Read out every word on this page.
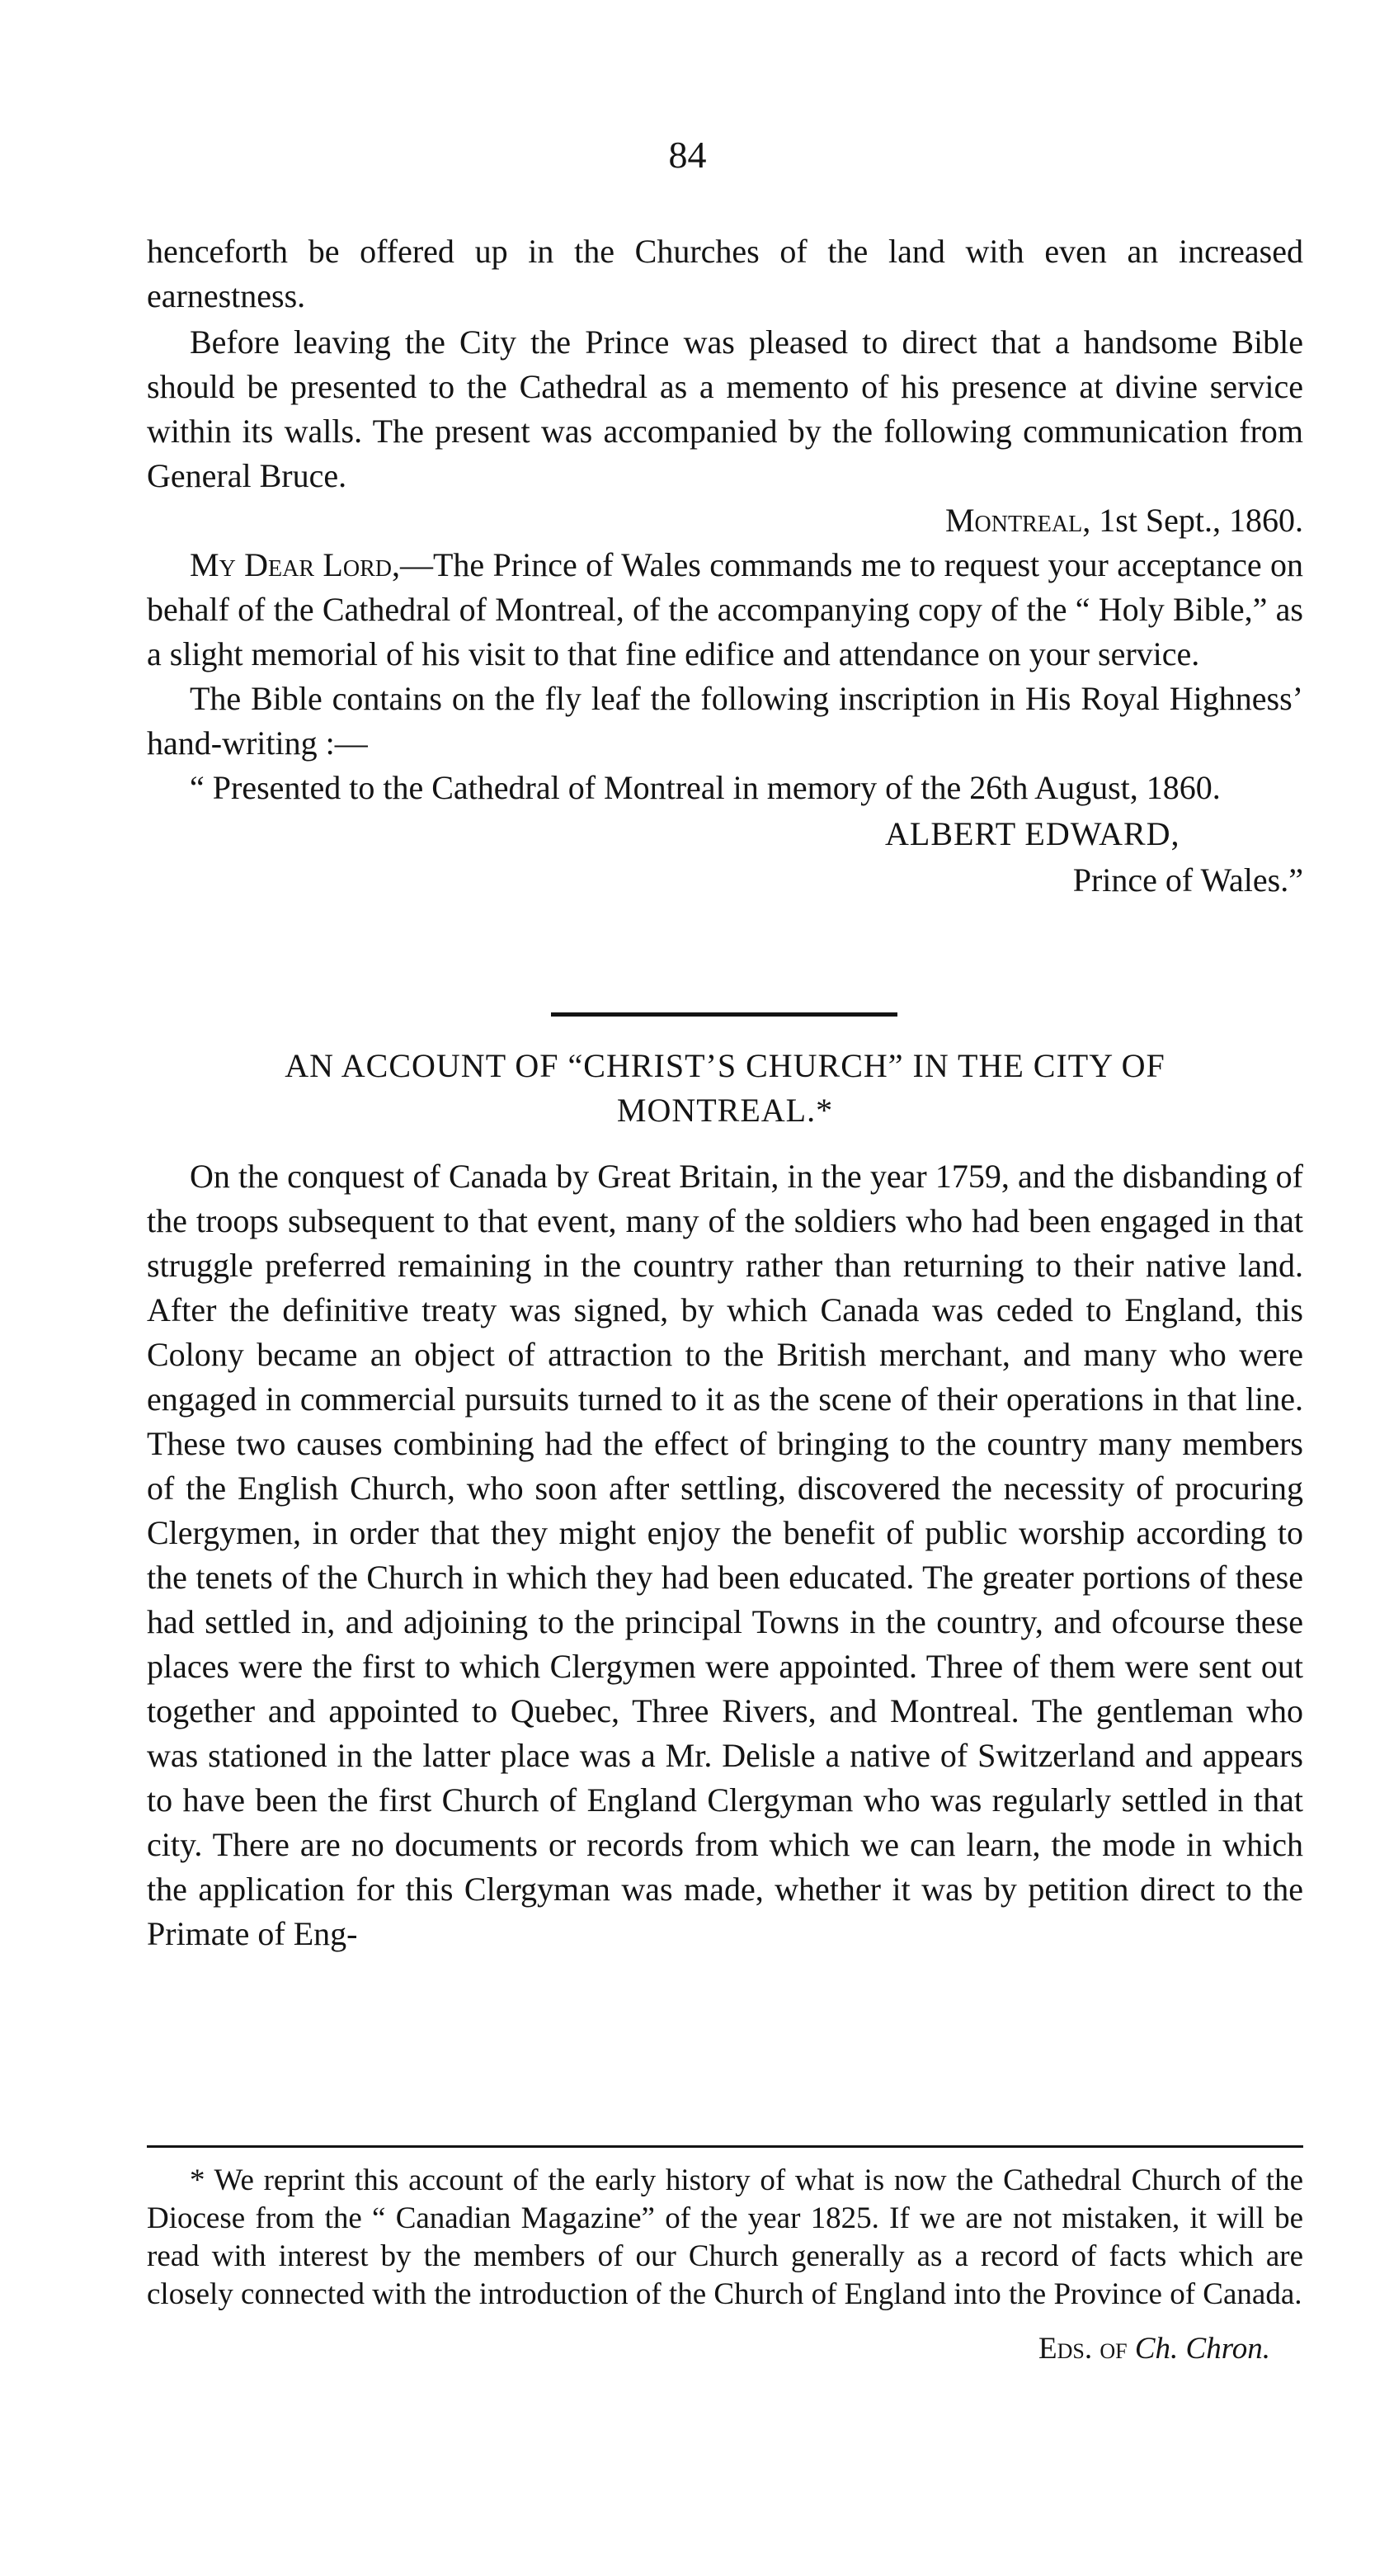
84

henceforth be offered up in the Churches of the land with even an increased earnestness.

Before leaving the City the Prince was pleased to direct that a handsome Bible should be presented to the Cathedral as a memento of his presence at divine service within its walls. The present was accompanied by the following communication from General Bruce.

Montreal, 1st Sept., 1860.

My Dear Lord,—The Prince of Wales commands me to request your acceptance on behalf of the Cathedral of Montreal, of the accompanying copy of the “ Holy Bible,” as a slight memorial of his visit to that fine edifice and attendance on your service.

The Bible contains on the fly leaf the following inscription in His Royal Highness’ hand-writing :—

“ Presented to the Cathedral of Montreal in memory of the 26th August, 1860.

ALBERT EDWARD,

Prince of Wales.”

AN ACCOUNT OF “CHRIST’S CHURCH” IN THE CITY OF

MONTREAL.*

On the conquest of Canada by Great Britain, in the year 1759, and the disbanding of the troops subsequent to that event, many of the soldiers who had been engaged in that struggle preferred remaining in the country rather than returning to their native land. After the definitive treaty was signed, by which Canada was ceded to England, this Colony became an object of attraction to the British merchant, and many who were engaged in commercial pursuits turned to it as the scene of their operations in that line. These two causes combining had the effect of bringing to the country many members of the English Church, who soon after settling, discovered the necessity of procuring Clergymen, in order that they might enjoy the benefit of public worship according to the tenets of the Church in which they had been educated. The greater portions of these had settled in, and adjoining to the principal Towns in the country, and ofcourse these places were the first to which Clergymen were appointed. Three of them were sent out together and appointed to Quebec, Three Rivers, and Montreal. The gentleman who was stationed in the latter place was a Mr. Delisle a native of Switzerland and appears to have been the first Church of England Clergyman who was regularly settled in that city. There are no documents or records from which we can learn, the mode in which the application for this Clergyman was made, whether it was by petition direct to the Primate of Eng-

* We reprint this account of the early history of what is now the Cathedral Church of the Diocese from the “ Canadian Magazine” of the year 1825. If we are not mistaken, it will be read with interest by the members of our Church generally as a record of facts which are closely connected with the introduction of the Church of England into the Province of Canada.

Eds. of Ch. Chron.
